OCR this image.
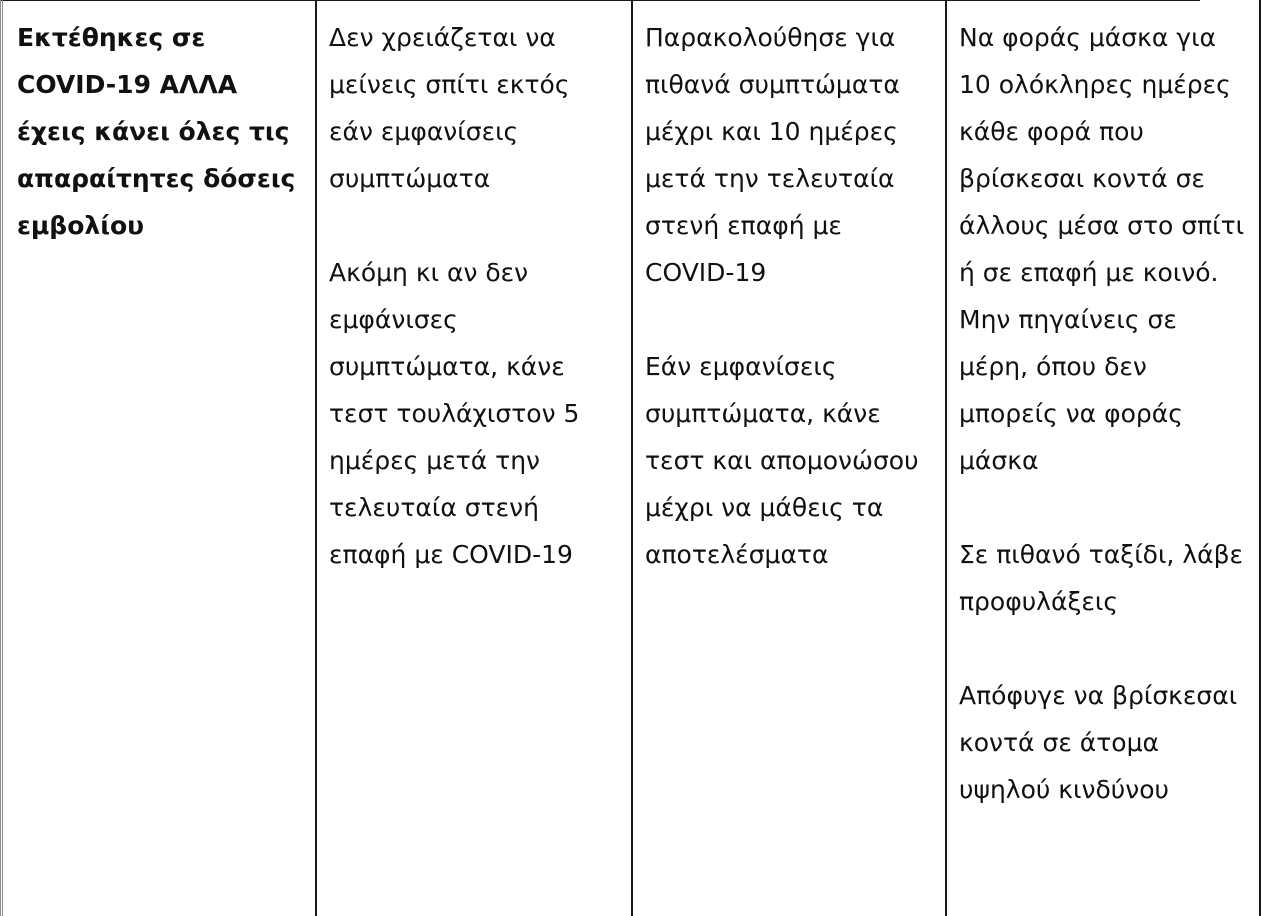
Εκτέθηκες σε COVID-19 ΑΛΛΑ έχεις κάνει όλες τις απαραίτητες δόσεις εμβολίου

Δεν χρειάζεται να μείνεις σπίτι εκτός εάν εμφανίσεις συμπτώματα
Ακόμη κι αν δεν εμφάνισες συμπτώματα, κάνε τεστ τουλάχιστον 5 ημέρες μετά την τελευταία στενή επαφή με COVID-19

Παρακολούθησε για πιθανά συμπτώματα μέχρι και 10 ημέρες μετά την τελευταία στενή επαφή με COVID-19
Εάν εμφανίσεις συμπτώματα, κάνε τεστ και απομονώσου μέχρι να μάθεις τα αποτελέσματα

Να φοράς μάσκα για 10 ολόκληρες ημέρες κάθε φορά που βρίσκεσαι κοντά σε άλλους μέσα στο σπίτι ή σε επαφή με κοινό. Μην πηγαίνεις σε μέρη, όπου δεν μπορείς να φοράς μάσκα
Σε πιθανό ταξίδι, λάβε προφυλάξεις
Απόφυγε να βρίσκεσαι κοντά σε άτομα υψηλού κινδύνου
